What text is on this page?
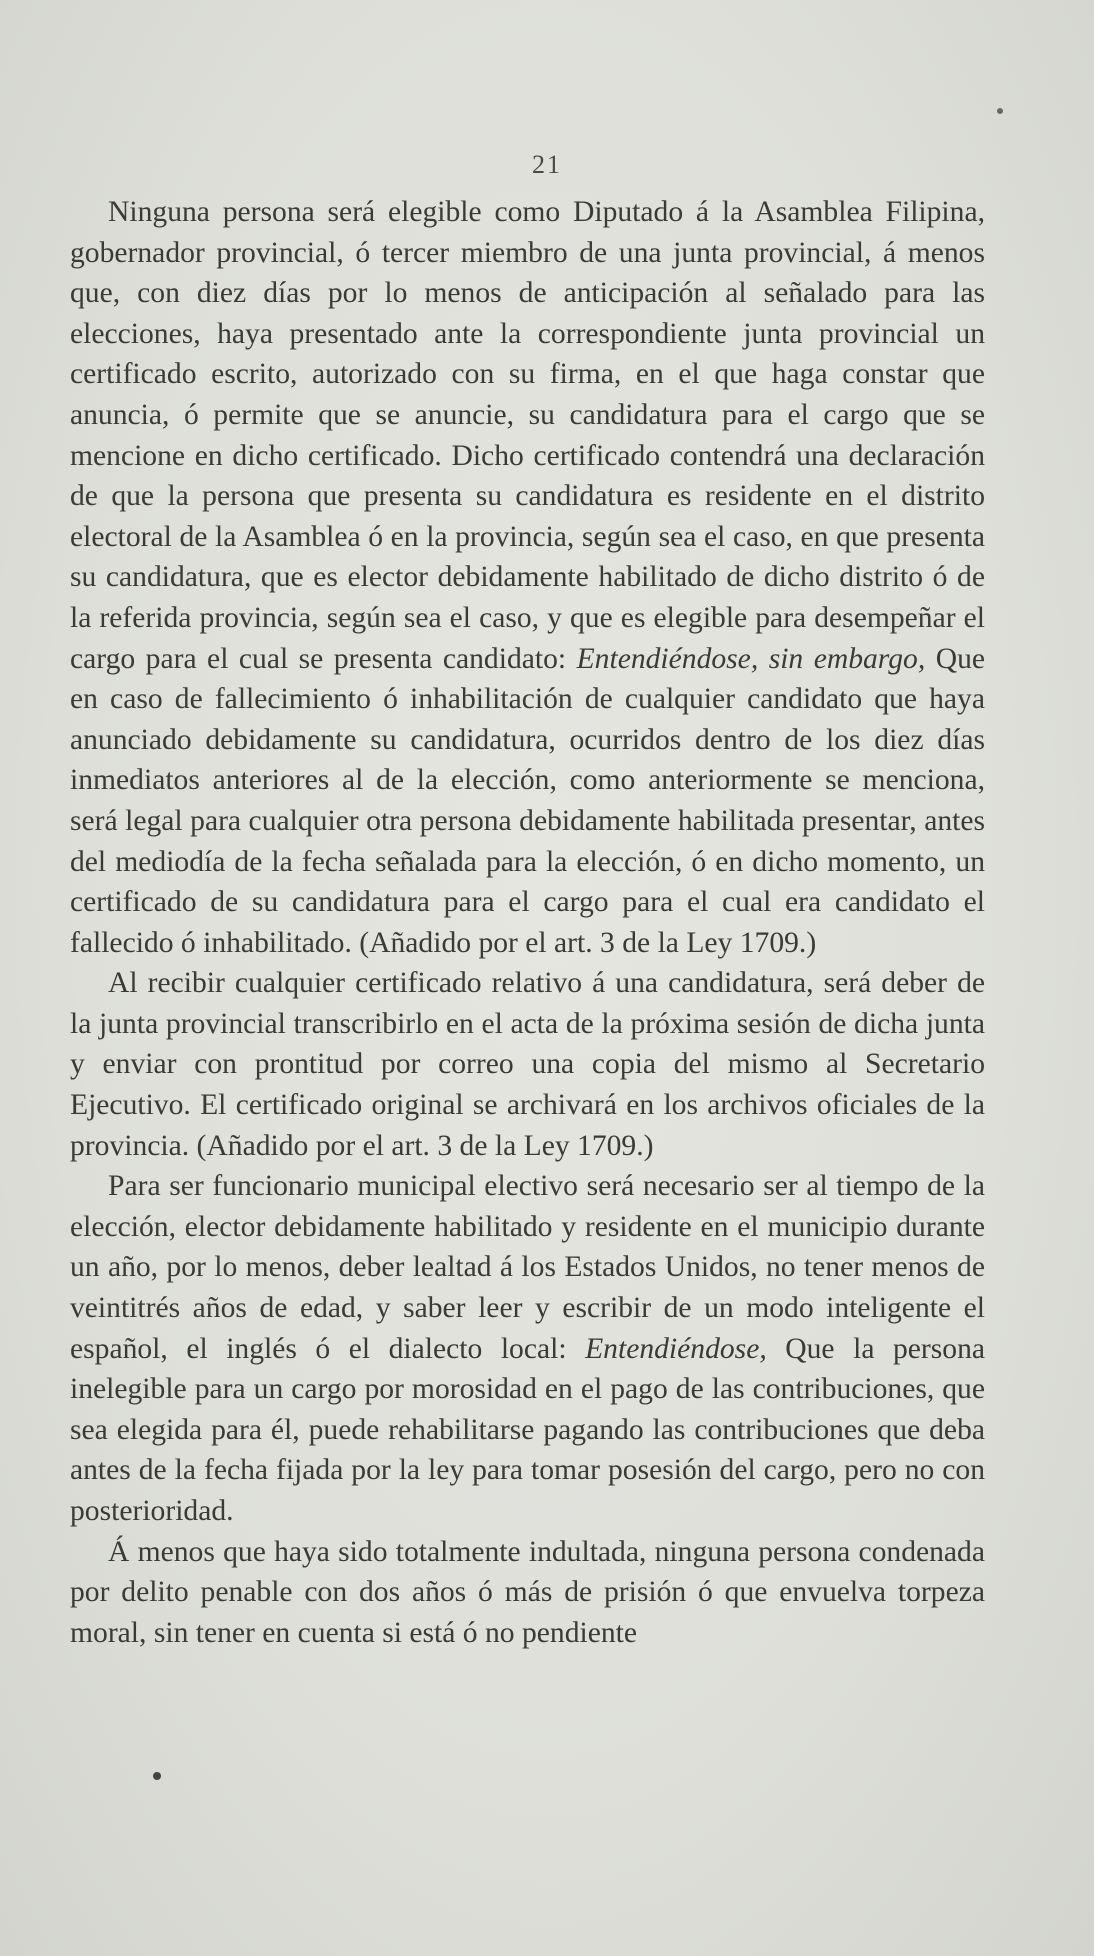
21

Ninguna persona será elegible como Diputado á la Asamblea Filipina, gobernador provincial, ó tercer miembro de una junta provincial, á menos que, con diez días por lo menos de anticipación al señalado para las elecciones, haya presentado ante la correspondiente junta provincial un certificado escrito, autorizado con su firma, en el que haga constar que anuncia, ó permite que se anuncie, su candidatura para el cargo que se mencione en dicho certificado. Dicho certificado contendrá una declaración de que la persona que presenta su candidatura es residente en el distrito electoral de la Asamblea ó en la provincia, según sea el caso, en que presenta su candidatura, que es elector debidamente habilitado de dicho distrito ó de la referida provincia, según sea el caso, y que es elegible para desempeñar el cargo para el cual se presenta candidato: Entendiéndose, sin embargo, Que en caso de fallecimiento ó inhabilitación de cualquier candidato que haya anunciado debidamente su candidatura, ocurridos dentro de los diez días inmediatos anteriores al de la elección, como anteriormente se menciona, será legal para cualquier otra persona debidamente habilitada presentar, antes del mediodía de la fecha señalada para la elección, ó en dicho momento, un certificado de su candidatura para el cargo para el cual era candidato el fallecido ó inhabilitado. (Añadido por el art. 3 de la Ley 1709.)

Al recibir cualquier certificado relativo á una candidatura, será deber de la junta provincial transcribirlo en el acta de la próxima sesión de dicha junta y enviar con prontitud por correo una copia del mismo al Secretario Ejecutivo. El certificado original se archivará en los archivos oficiales de la provincia. (Añadido por el art. 3 de la Ley 1709.)

Para ser funcionario municipal electivo será necesario ser al tiempo de la elección, elector debidamente habilitado y residente en el municipio durante un año, por lo menos, deber lealtad á los Estados Unidos, no tener menos de veintitrés años de edad, y saber leer y escribir de un modo inteligente el español, el inglés ó el dialecto local: Entendiéndose, Que la persona inelegible para un cargo por morosidad en el pago de las contribuciones, que sea elegida para él, puede rehabilitarse pagando las contribuciones que deba antes de la fecha fijada por la ley para tomar posesión del cargo, pero no con posterioridad.

Á menos que haya sido totalmente indultada, ninguna persona condenada por delito penable con dos años ó más de prisión ó que envuelva torpeza moral, sin tener en cuenta si está ó no pendiente
